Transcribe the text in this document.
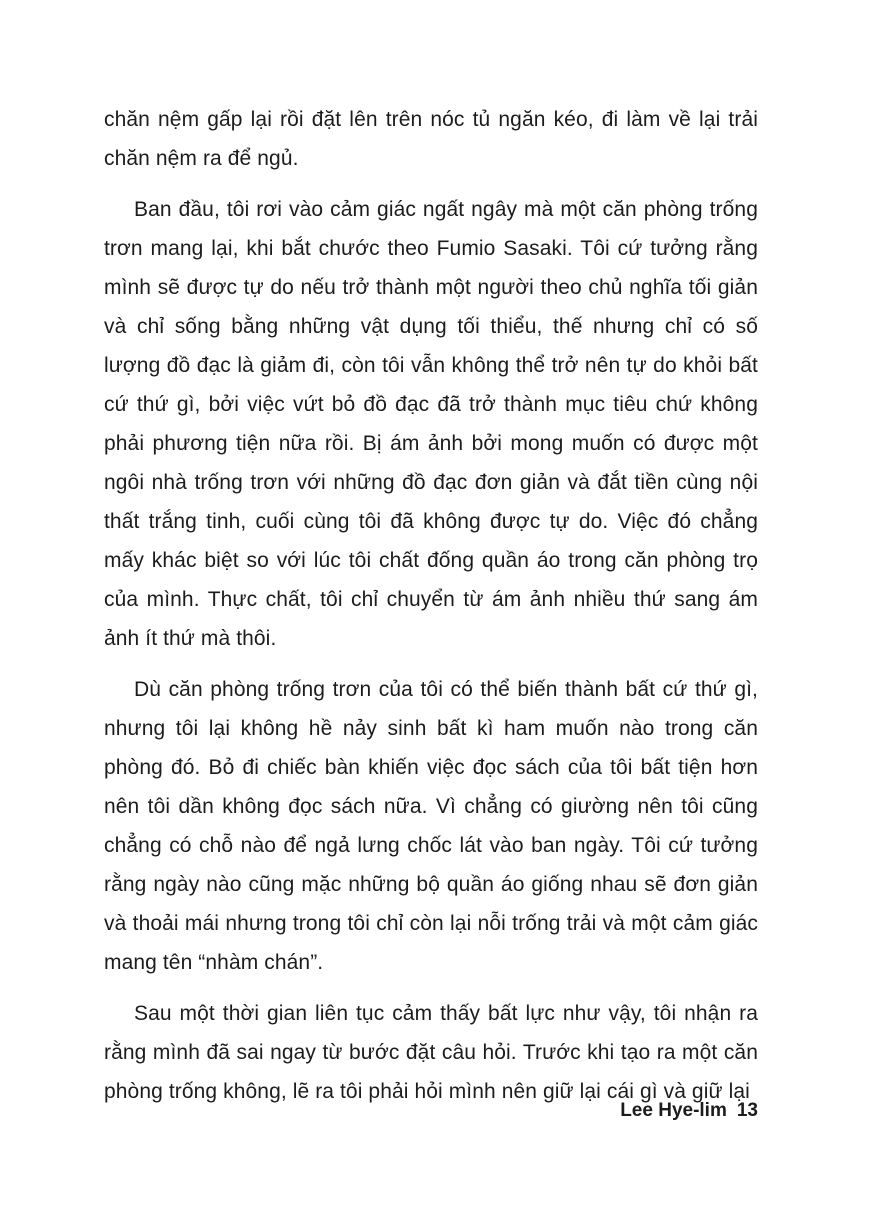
chăn nệm gấp lại rồi đặt lên trên nóc tủ ngăn kéo, đi làm về lại trải chăn nệm ra để ngủ.

Ban đầu, tôi rơi vào cảm giác ngất ngây mà một căn phòng trống trơn mang lại, khi bắt chước theo Fumio Sasaki. Tôi cứ tưởng rằng mình sẽ được tự do nếu trở thành một người theo chủ nghĩa tối giản và chỉ sống bằng những vật dụng tối thiểu, thế nhưng chỉ có số lượng đồ đạc là giảm đi, còn tôi vẫn không thể trở nên tự do khỏi bất cứ thứ gì, bởi việc vứt bỏ đồ đạc đã trở thành mục tiêu chứ không phải phương tiện nữa rồi. Bị ám ảnh bởi mong muốn có được một ngôi nhà trống trơn với những đồ đạc đơn giản và đắt tiền cùng nội thất trắng tinh, cuối cùng tôi đã không được tự do. Việc đó chẳng mấy khác biệt so với lúc tôi chất đống quần áo trong căn phòng trọ của mình. Thực chất, tôi chỉ chuyển từ ám ảnh nhiều thứ sang ám ảnh ít thứ mà thôi.

Dù căn phòng trống trơn của tôi có thể biến thành bất cứ thứ gì, nhưng tôi lại không hề nảy sinh bất kì ham muốn nào trong căn phòng đó. Bỏ đi chiếc bàn khiến việc đọc sách của tôi bất tiện hơn nên tôi dần không đọc sách nữa. Vì chẳng có giường nên tôi cũng chẳng có chỗ nào để ngả lưng chốc lát vào ban ngày. Tôi cứ tưởng rằng ngày nào cũng mặc những bộ quần áo giống nhau sẽ đơn giản và thoải mái nhưng trong tôi chỉ còn lại nỗi trống trải và một cảm giác mang tên “nhàm chán”.

Sau một thời gian liên tục cảm thấy bất lực như vậy, tôi nhận ra rằng mình đã sai ngay từ bước đặt câu hỏi. Trước khi tạo ra một căn phòng trống không, lẽ ra tôi phải hỏi mình nên giữ lại cái gì và giữ lại

Lee Hye-lim 13
